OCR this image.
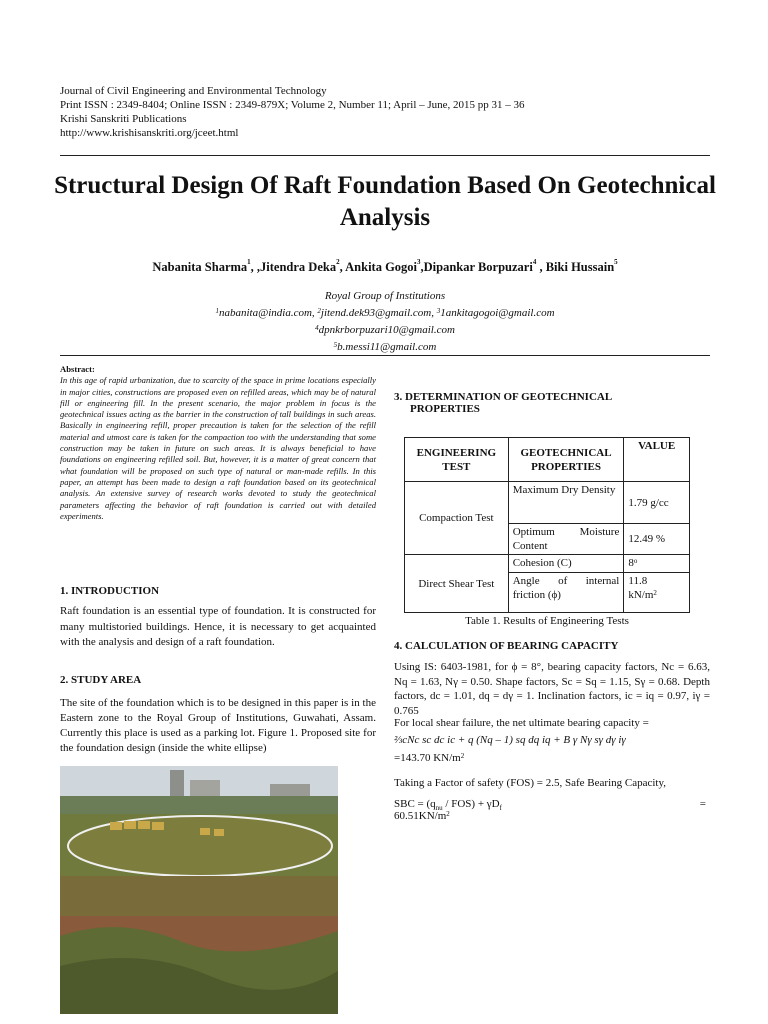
Journal of Civil Engineering and Environmental Technology
Print ISSN : 2349-8404; Online ISSN : 2349-879X; Volume 2, Number 11; April – June, 2015 pp 31 – 36
Krishi Sanskriti Publications
http://www.krishisanskriti.org/jceet.html
Structural Design Of Raft Foundation Based On Geotechnical Analysis
Nabanita Sharma$^1$, ,Jitendra Deka$^2$, Ankita Gogoi$^3$,Dipankar Borpuzari$^4$ , Biki Hussain$^5$
Royal Group of Institutions
$^1$nabanita@india.com, $^2$jitend.dek93@gmail.com, $^3$1ankitagogoi@gmail.com
$^4$dpnkrborpuzari10@gmail.com
$^5$b.messi11@gmail.com
Abstract:
In this age of rapid urbanization, due to scarcity of the space in prime locations especially in major cities, constructions are proposed even on refilled areas, which may be of natural fill or engineering fill. In the present scenario, the major problem in focus is the geotechnical issues acting as the barrier in the construction of tall buildings in such areas. Basically in engineering refill, proper precaution is taken for the selection of the refill material and utmost care is taken for the compaction too with the understanding that some construction may be taken in future on such areas. It is always beneficial to have foundations on engineering refilled soil. But, however, it is a matter of great concern that what foundation will be proposed on such type of natural or man-made refills. In this paper, an attempt has been made to design a raft foundation based on its geotechnical analysis. An extensive survey of research works devoted to study the geotechnical parameters affecting the behavior of raft foundation is carried out with detailed experiments.
1. INTRODUCTION
Raft foundation is an essential type of foundation. It is constructed for many multistoried buildings. Hence, it is necessary to get acquainted with the analysis and design of a raft foundation.
2. STUDY AREA
The site of the foundation which is to be designed in this paper is in the Eastern zone to the Royal Group of Institutions, Guwahati, Assam. Currently this place is used as a parking lot. Figure 1. Proposed site for the foundation design (inside the white ellipse)
3. DETERMINATION OF GEOTECHNICAL
PROPERTIES
ENGINEERING TEST	GEOTECHNICAL PROPERTIES	VALUE
Compaction Test	Maximum Dry Density	1.79 g/cc
	Optimum Moisture Content	12.49 %
Direct Shear Test	Cohesion (C)	8$^o$
	Angle of internal friction (ϕ)	11.8
$kN/m^2$
Table 1. Results of Engineering Tests
4. CALCULATION OF BEARING CAPACITY
Using IS: 6403-1981, for ϕ = 8°, bearing capacity factors, Nc = 6.63, Nq = 1.63, Nγ = 0.50. Shape factors, Sc = Sq = 1.15, Sγ = 0.68. Depth factors, dc = 1.01, dq = dγ = 1. Inclination factors, ic = iq = 0.97, iγ = 0.765
For local shear failure, the net ultimate bearing capacity =
⅔cNc sc dc ic + q (Nq – 1) sq dq iq + B γ Nγ sγ dγ iγ
=143.70 $KN/m^2$
Taking a Factor of safety (FOS) = 2.5, Safe Bearing Capacity,
SBC = $(q_{nu} / FOS) + \gamma D_f$	=
$60.51KN/m^2$
